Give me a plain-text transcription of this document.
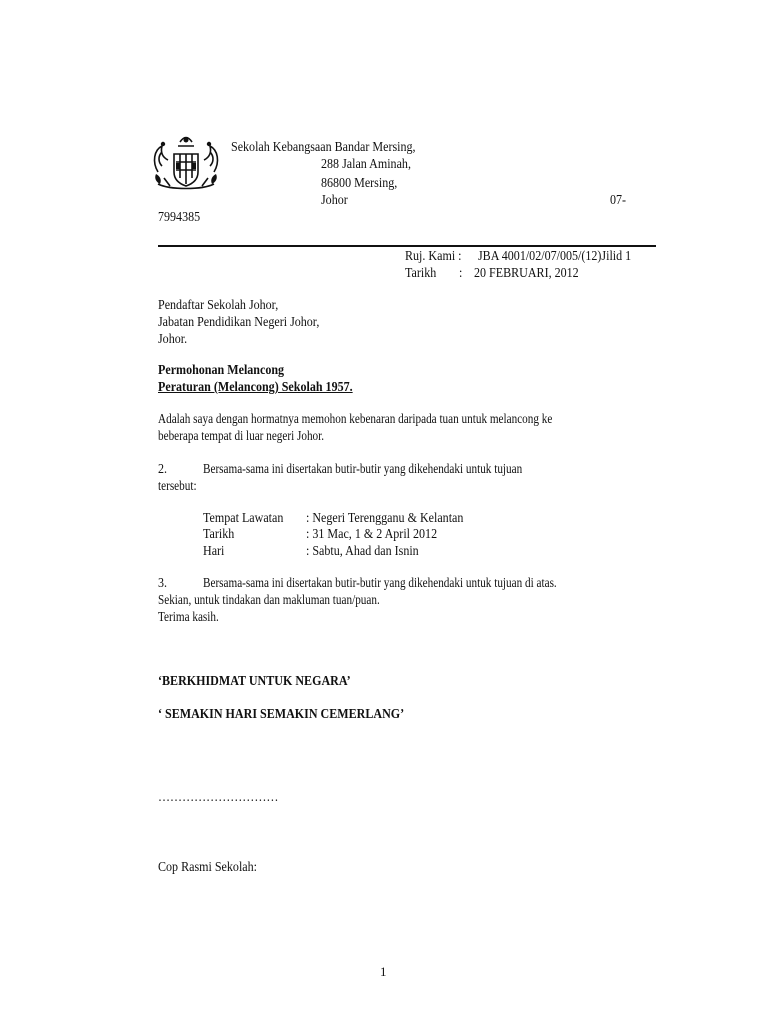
Sekolah Kebangsaan Bandar Mersing,
288 Jalan Aminah,
86800 Mersing,
Johor	07-
7994385
Ruj. Kami : JBA 4001/02/07/005/(12)Jilid 1
Tarikh : 20 FEBRUARI, 2012
Pendaftar Sekolah Johor,
Jabatan Pendidikan Negeri Johor,
Johor.
Permohonan Melancong
Peraturan (Melancong) Sekolah 1957.
Adalah saya dengan hormatnya memohon kebenaran daripada tuan untuk melancong ke
beberapa tempat di luar negeri Johor.
2.	Bersama-sama ini disertakan butir-butir yang dikehendaki untuk tujuan
tersebut:
Tempat Lawatan : Negeri Terengganu & Kelantan
Tarikh	: 31 Mac, 1 & 2 April 2012
Hari	: Sabtu, Ahad dan Isnin
3.	Bersama-sama ini disertakan butir-butir yang dikehendaki untuk tujuan di atas.
Sekian, untuk tindakan dan makluman tuan/puan.
Terima kasih.
‘BERKHIDMAT UNTUK NEGARA’
‘ SEMAKIN HARI SEMAKIN CEMERLANG’
…………………………
Cop Rasmi Sekolah:
1
